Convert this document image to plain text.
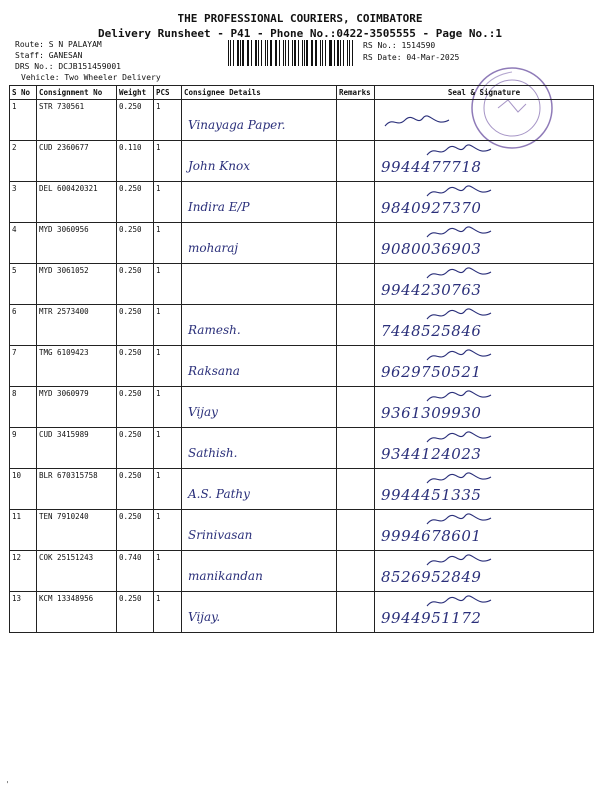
THE PROFESSIONAL COURIERS, COIMBATORE
Delivery Runsheet - P41 - Phone No.:0422-3505555 - Page No.:1
Route: S N PALAYAM
Staff: GANESAN
DRS No.: DCJB151459001
Vehicle: Two Wheeler Delivery
RS No.: 1514590
RS Date: 04-Mar-2025
S No	Consignment No	Weight	PCS	Consignee Details	Remarks	Seal & Signature
1	STR 730561	0.250	1	Vinayaga Paper.

2	CUD 2360677	0.110	1	John Knox		9944477718

3	DEL 600420321	0.250	1	Indira E/P		9840927370

4	MYD 3060956	0.250	1	moharaj		9080036903

5	MYD 3061052	0.250	1			9944230763

6	MTR 2573400	0.250	1	Ramesh.		7448525846

7	TMG 6109423	0.250	1	Raksana		9629750521

8	MYD 3060979	0.250	1	Vijay		9361309930

9	CUD 3415989	0.250	1	Sathish.		9344124023

10	BLR 670315758	0.250	1	A.S. Pathy		9944451335

11	TEN 7910240	0.250	1	Srinivasan		9994678601

12	COK 25151243	0.740	1	manikandan		8526952849

13	KCM 13348956	0.250	1	Vijay.		9944951172
'
